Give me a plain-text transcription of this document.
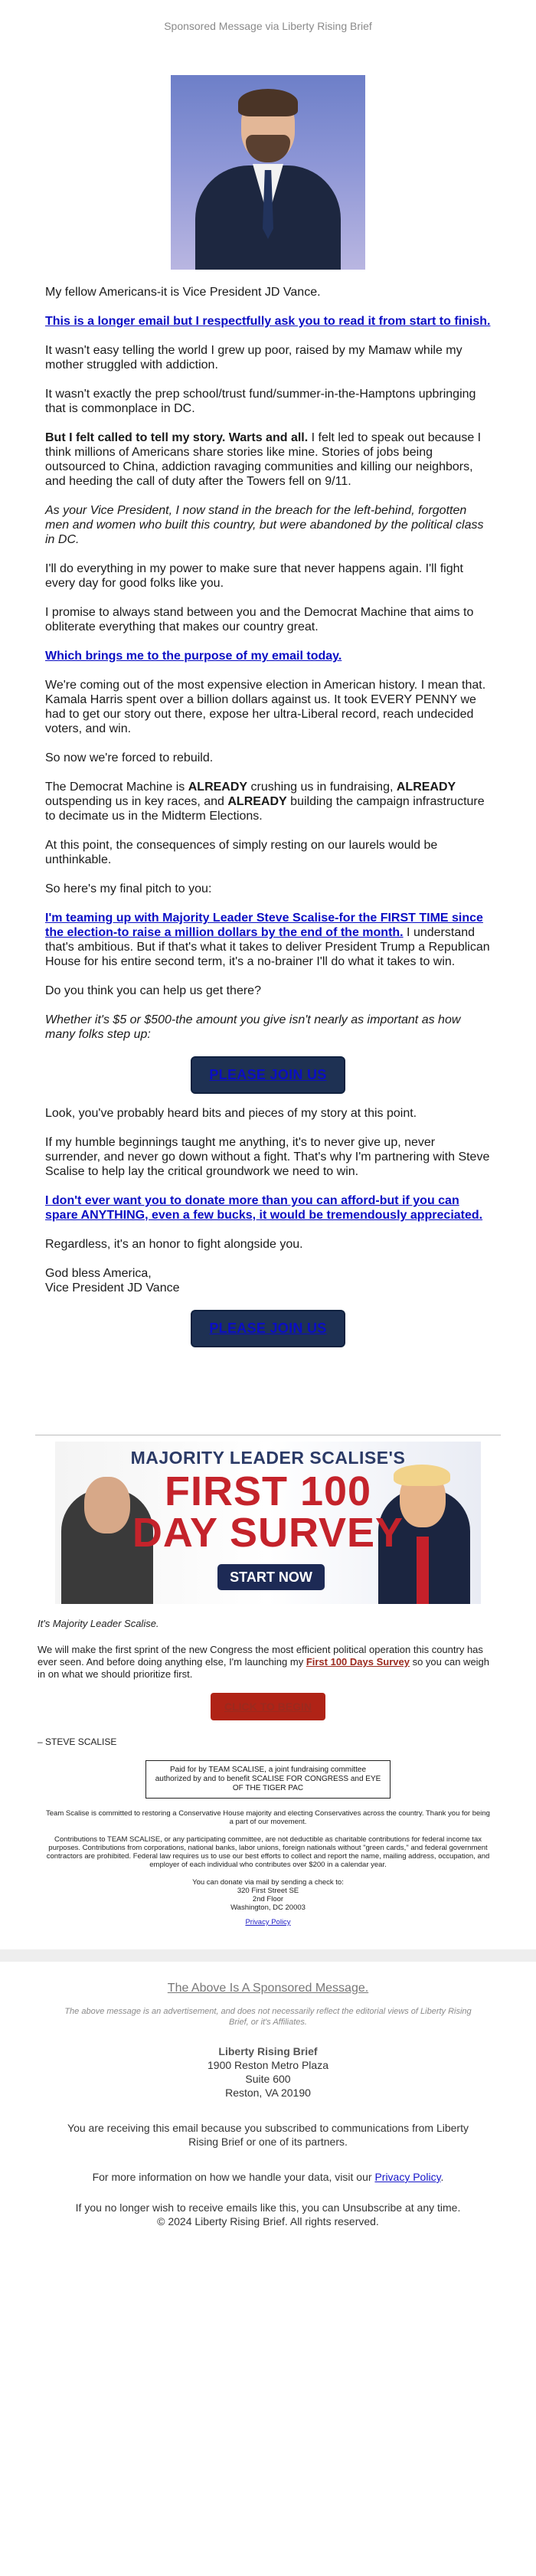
Sponsored Message via Liberty Rising Brief

My fellow Americans-it is Vice President JD Vance.

This is a longer email but I respectfully ask you to read it from start to finish.

It wasn't easy telling the world I grew up poor, raised by my Mamaw while my mother struggled with addiction.

It wasn't exactly the prep school/trust fund/summer-in-the-Hamptons upbringing that is commonplace in DC.

But I felt called to tell my story. Warts and all. I felt led to speak out because I think millions of Americans share stories like mine. Stories of jobs being outsourced to China, addiction ravaging communities and killing our neighbors, and heeding the call of duty after the Towers fell on 9/11.

As your Vice President, I now stand in the breach for the left-behind, forgotten men and women who built this country, but were abandoned by the political class in DC.

I'll do everything in my power to make sure that never happens again. I'll fight every day for good folks like you.

I promise to always stand between you and the Democrat Machine that aims to obliterate everything that makes our country great.

Which brings me to the purpose of my email today.

We're coming out of the most expensive election in American history. I mean that. Kamala Harris spent over a billion dollars against us. It took EVERY PENNY we had to get our story out there, expose her ultra-Liberal record, reach undecided voters, and win.

So now we're forced to rebuild.

The Democrat Machine is ALREADY crushing us in fundraising, ALREADY outspending us in key races, and ALREADY building the campaign infrastructure to decimate us in the Midterm Elections.

At this point, the consequences of simply resting on our laurels would be unthinkable.

So here's my final pitch to you:

I'm teaming up with Majority Leader Steve Scalise-for the FIRST TIME since the election-to raise a million dollars by the end of the month. I understand that's ambitious. But if that's what it takes to deliver President Trump a Republican House for his entire second term, it's a no-brainer I'll do what it takes to win.

Do you think you can help us get there?

Whether it's $5 or $500-the amount you give isn't nearly as important as how many folks step up:

PLEASE JOIN US

Look, you've probably heard bits and pieces of my story at this point.

If my humble beginnings taught me anything, it's to never give up, never surrender, and never go down without a fight. That's why I'm partnering with Steve Scalise to help lay the critical groundwork we need to win.

I don't ever want you to donate more than you can afford-but if you can spare ANYTHING, even a few bucks, it would be tremendously appreciated.

Regardless, it's an honor to fight alongside you.

God bless America,

Vice President JD Vance

PLEASE JOIN US
MAJORITY LEADER SCALISE'S
FIRST 100
DAY SURVEY
START NOW

It's Majority Leader Scalise.

We will make the first sprint of the new Congress the most efficient political operation this country has ever seen. And before doing anything else, I'm launching my First 100 Days Survey so you can weigh in on what we should prioritize first.

CLICK TO BEGIN

– STEVE SCALISE

Paid for by TEAM SCALISE, a joint fundraising committee authorized by and to benefit SCALISE FOR CONGRESS and EYE OF THE TIGER PAC

Team Scalise is committed to restoring a Conservative House majority and electing Conservatives across the country. Thank you for being a part of our movement.

Contributions to TEAM SCALISE, or any participating committee, are not deductible as charitable contributions for federal income tax purposes. Contributions from corporations, national banks, labor unions, foreign nationals without "green cards," and federal government contractors are prohibited. Federal law requires us to use our best efforts to collect and report the name, mailing address, occupation, and employer of each individual who contributes over $200 in a calendar year.

You can donate via mail by sending a check to:
320 First Street SE
2nd Floor
Washington, DC 20003
Privacy Policy
The Above Is A Sponsored Message.
The above message is an advertisement, and does not necessarily reflect the editorial views of Liberty Rising Brief, or it's Affiliates.
Liberty Rising Brief
1900 Reston Metro Plaza
Suite 600
Reston, VA 20190
You are receiving this email because you subscribed to communications from Liberty Rising Brief or one of its partners.
For more information on how we handle your data, visit our Privacy Policy.
If you no longer wish to receive emails like this, you can Unsubscribe at any time.
© 2024 Liberty Rising Brief. All rights reserved.
